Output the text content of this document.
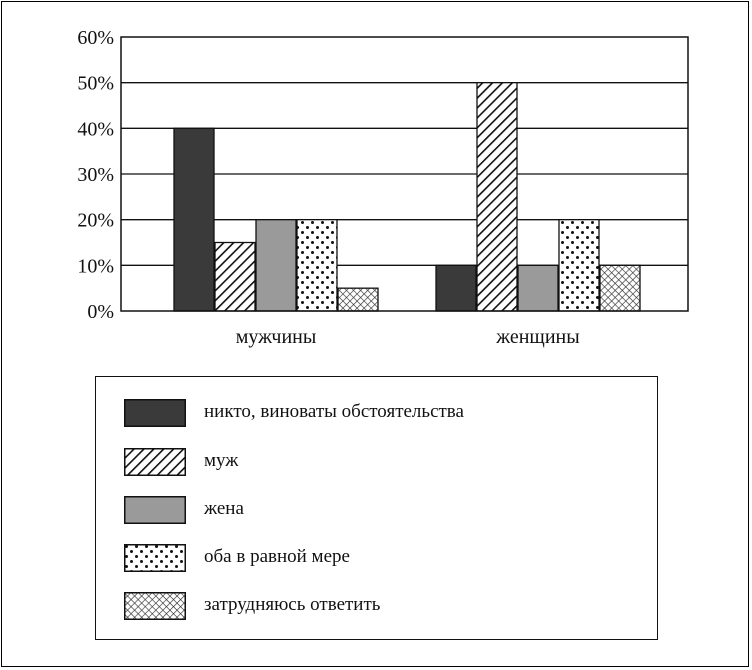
0%
10%
20%
30%
40%
50%
60%
мужчины	женщины
никто, виноваты обстоятельства
муж
жена
оба в равной мере
затрудняюсь ответить
